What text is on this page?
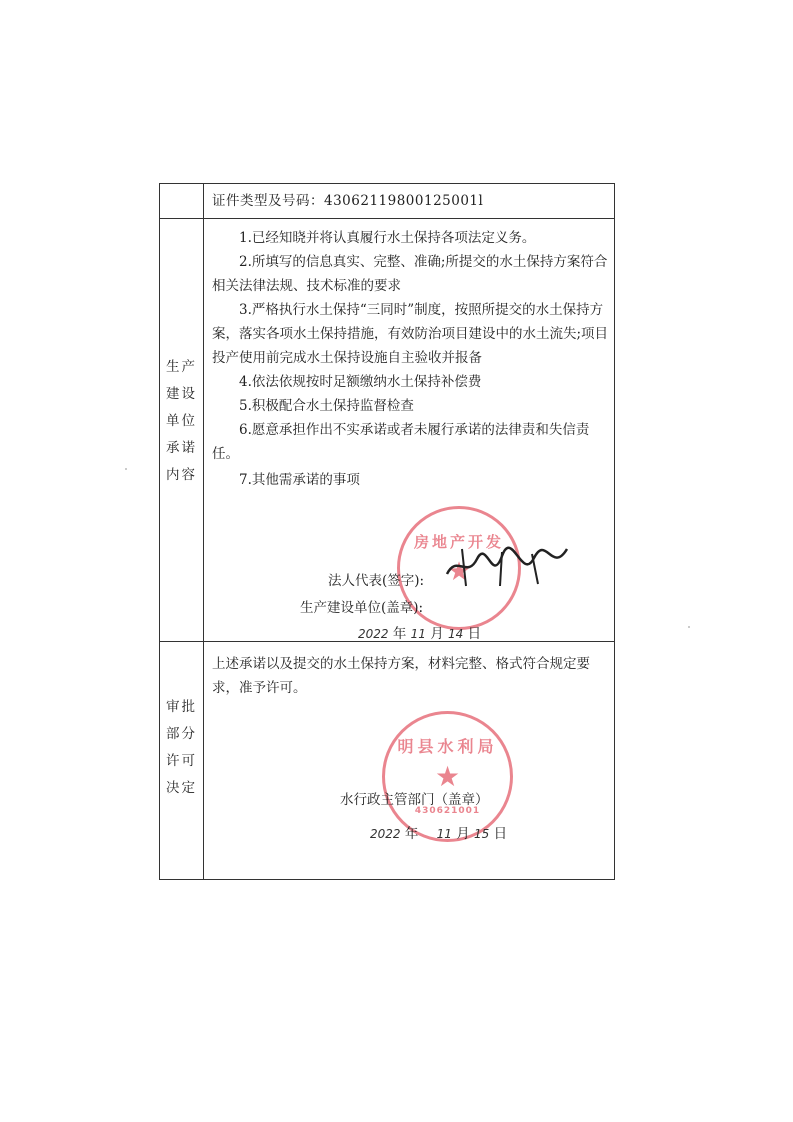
证件类型及号码：43062119800125001l
生产
建设
单位
承诺
内容
1.已经知晓并将认真履行水土保持各项法定义务。
2.所填写的信息真实、完整、准确;所提交的水土保持方案符合相关法律法规、技术标准的要求
3.严格执行水土保持“三同时”制度，按照所提交的水土保持方案，落实各项水土保持措施，有效防治项目建设中的水土流失;项目投产使用前完成水土保持设施自主验收并报备
4.依法依规按时足额缴纳水土保持补偿费
5.积极配合水土保持监督检查
6.愿意承担作出不实承诺或者未履行承诺的法律责和失信责任。
7.其他需承诺的事项
房地产开发
★
法人代表(签字):
生产建设单位(盖章):
2022 年 11 月 14 日
审批
部分
许可
决定
上述承诺以及提交的水土保持方案，材料完整、格式符合规定要求，准予许可。
明县水利局
★
430621001
水行政主管部门（盖章）
2022 年 11 月 15 日
